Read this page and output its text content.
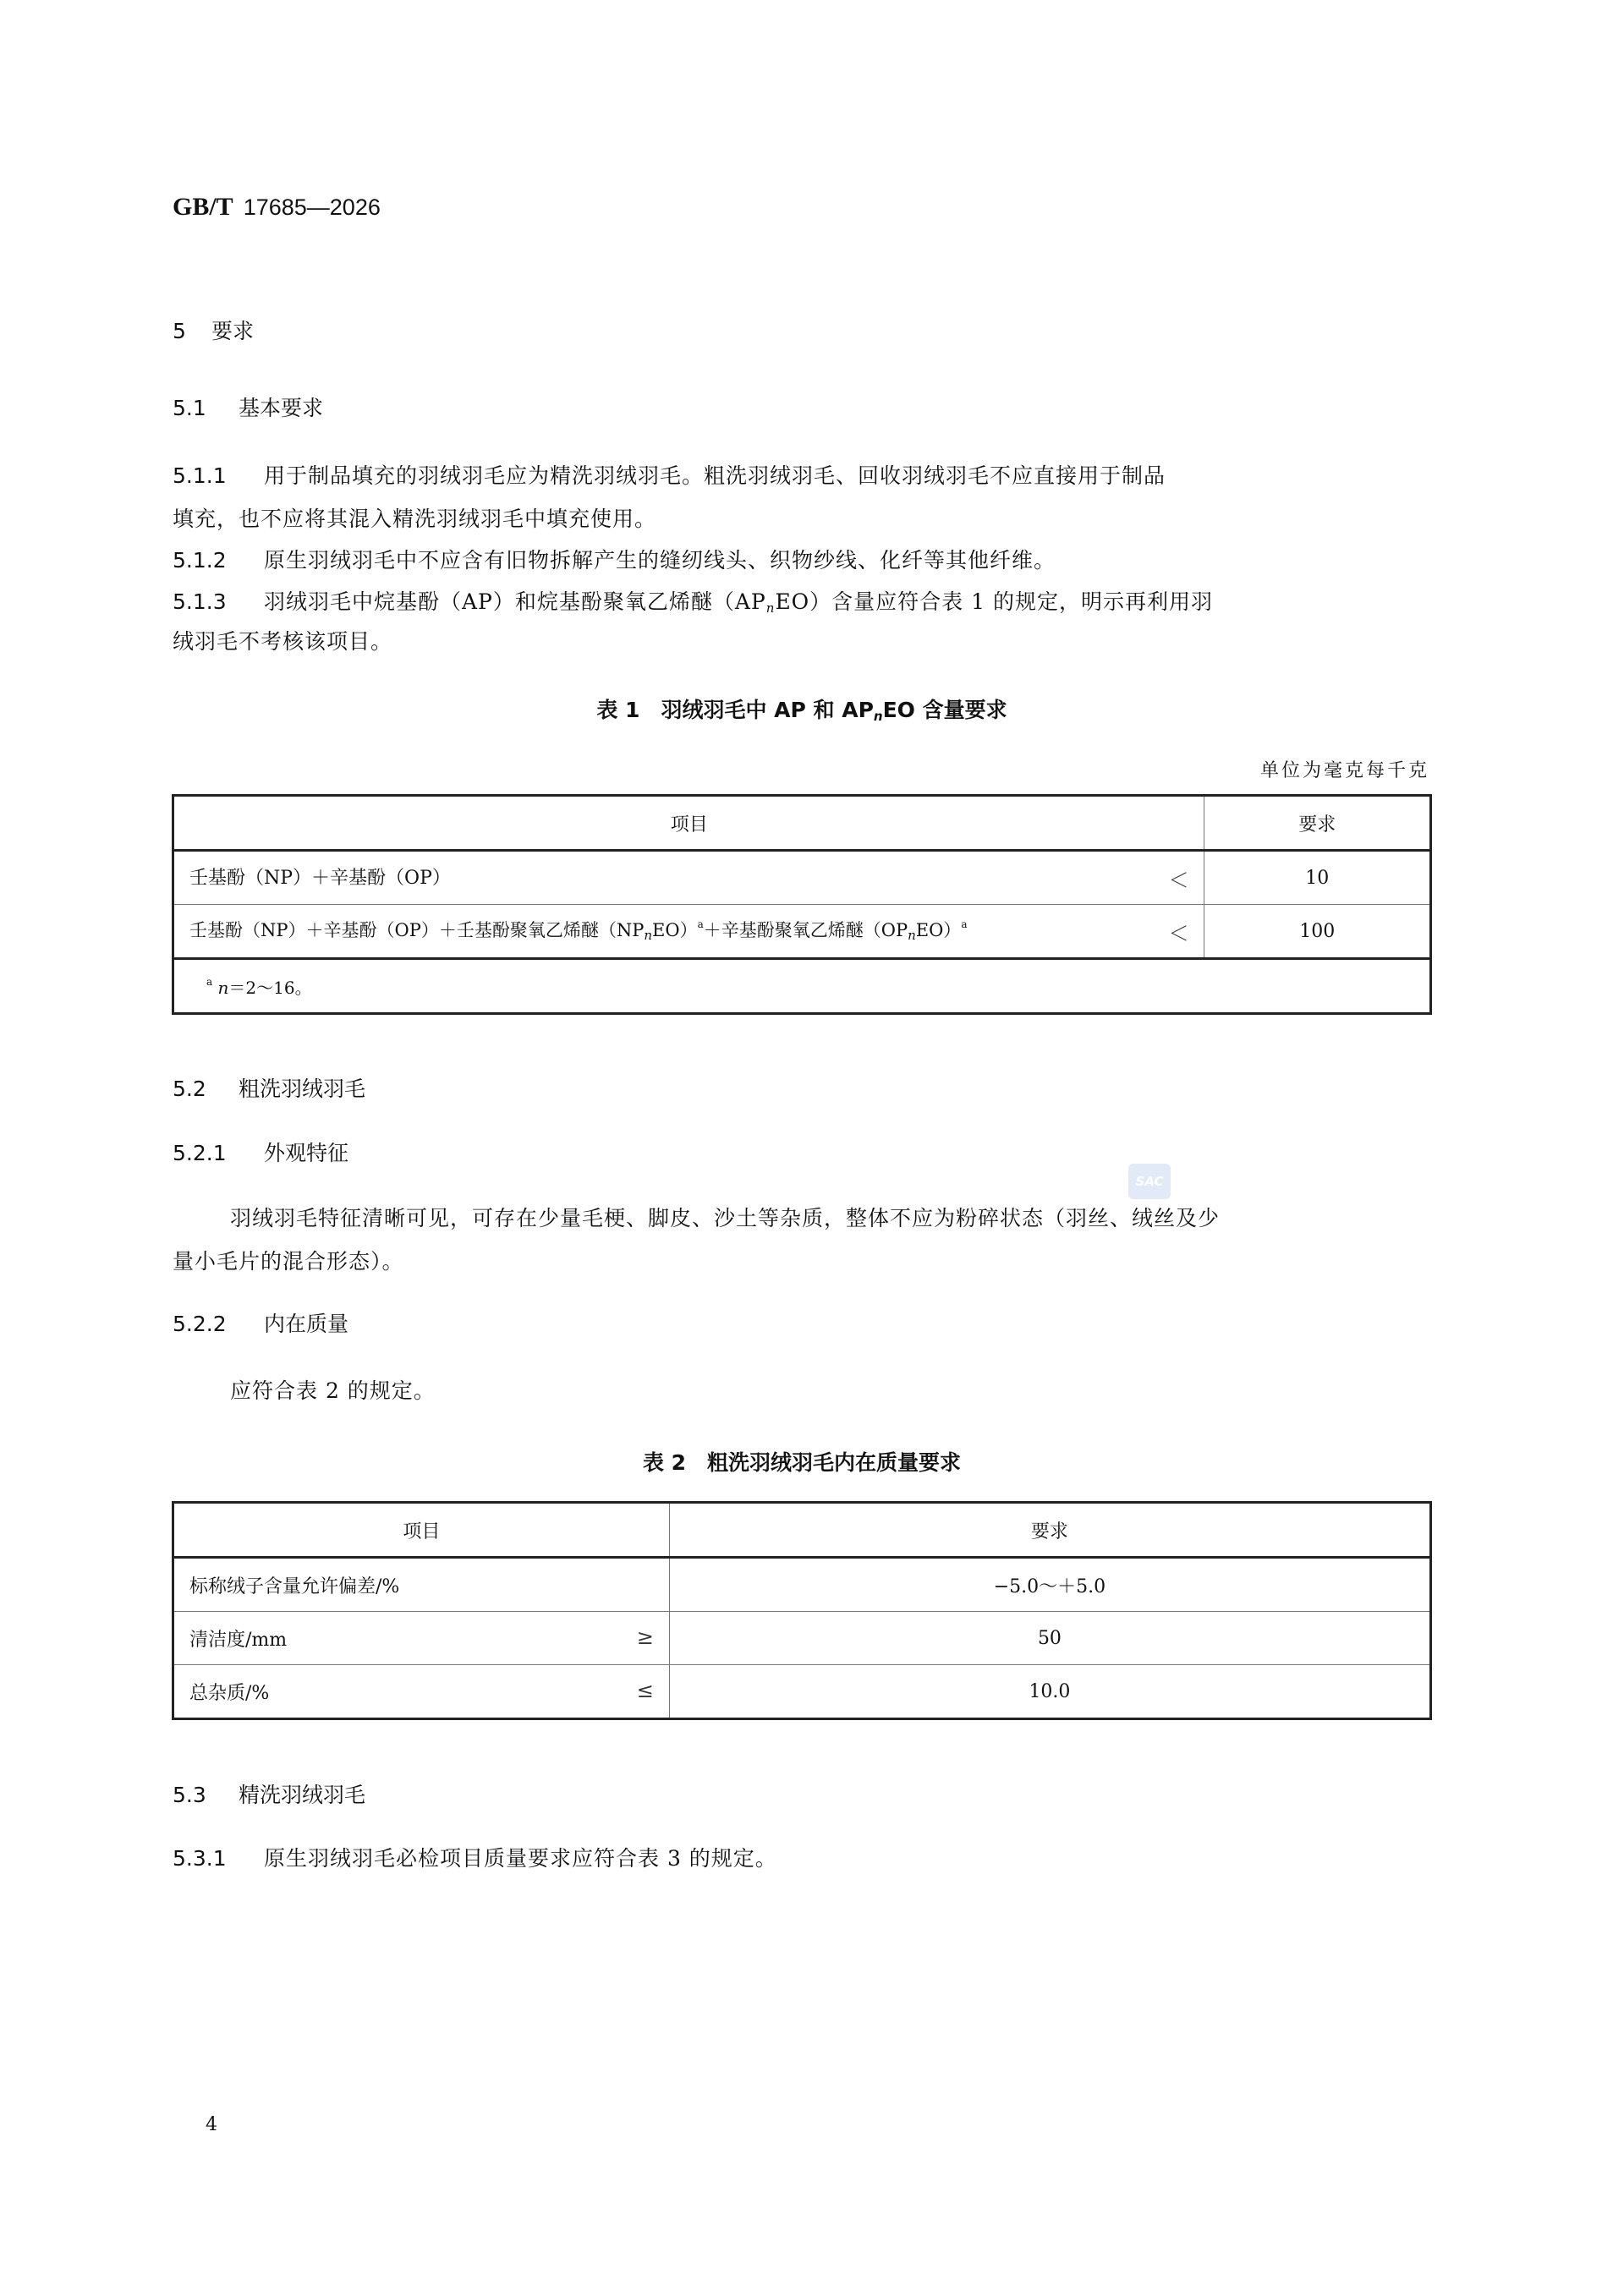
GB/T 17685—2026
5 要求
5.1 基本要求
5.1.1 用于制品填充的羽绒羽毛应为精洗羽绒羽毛。粗洗羽绒羽毛、回收羽绒羽毛不应直接用于制品
填充，也不应将其混入精洗羽绒羽毛中填充使用。
5.1.2 原生羽绒羽毛中不应含有旧物拆解产生的缝纫线头、织物纱线、化纤等其他纤维。
5.1.3 羽绒羽毛中烷基酚（AP）和烷基酚聚氧乙烯醚$(AP_nEO)$含量应符合表 1 的规定，明示再利用羽
绒羽毛不考核该项目。
表 1　羽绒羽毛中 AP 和 $AP_nEO$ 含量要求
单位为毫克每千克
项目	要求
壬基酚（NP）＋辛基酚（OP） ＜	10
壬基酚（NP）＋辛基酚（OP）＋壬基酚聚氧乙烯醚$(NP_nEO)^a+$辛基酚聚氧乙烯醚$(OP_nEO)^a$ ＜	100
$^a$ n＝2～16。	
5.2 粗洗羽绒羽毛
5.2.1 外观特征
羽绒羽毛特征清晰可见，可存在少量毛梗、脚皮、沙土等杂质，整体不应为粉碎状态（羽丝、绒丝及少
量小毛片的混合形态）。
SAC
5.2.2 内在质量
应符合表 2 的规定。
表 2　粗洗羽绒羽毛内在质量要求
项目	要求
标称绒子含量允许偏差/%	−5.0～＋5.0
清洁度/mm ≥	50
总杂质/% ≤	10.0
5.3 精洗羽绒羽毛
5.3.1 原生羽绒羽毛必检项目质量要求应符合表 3 的规定。
4
